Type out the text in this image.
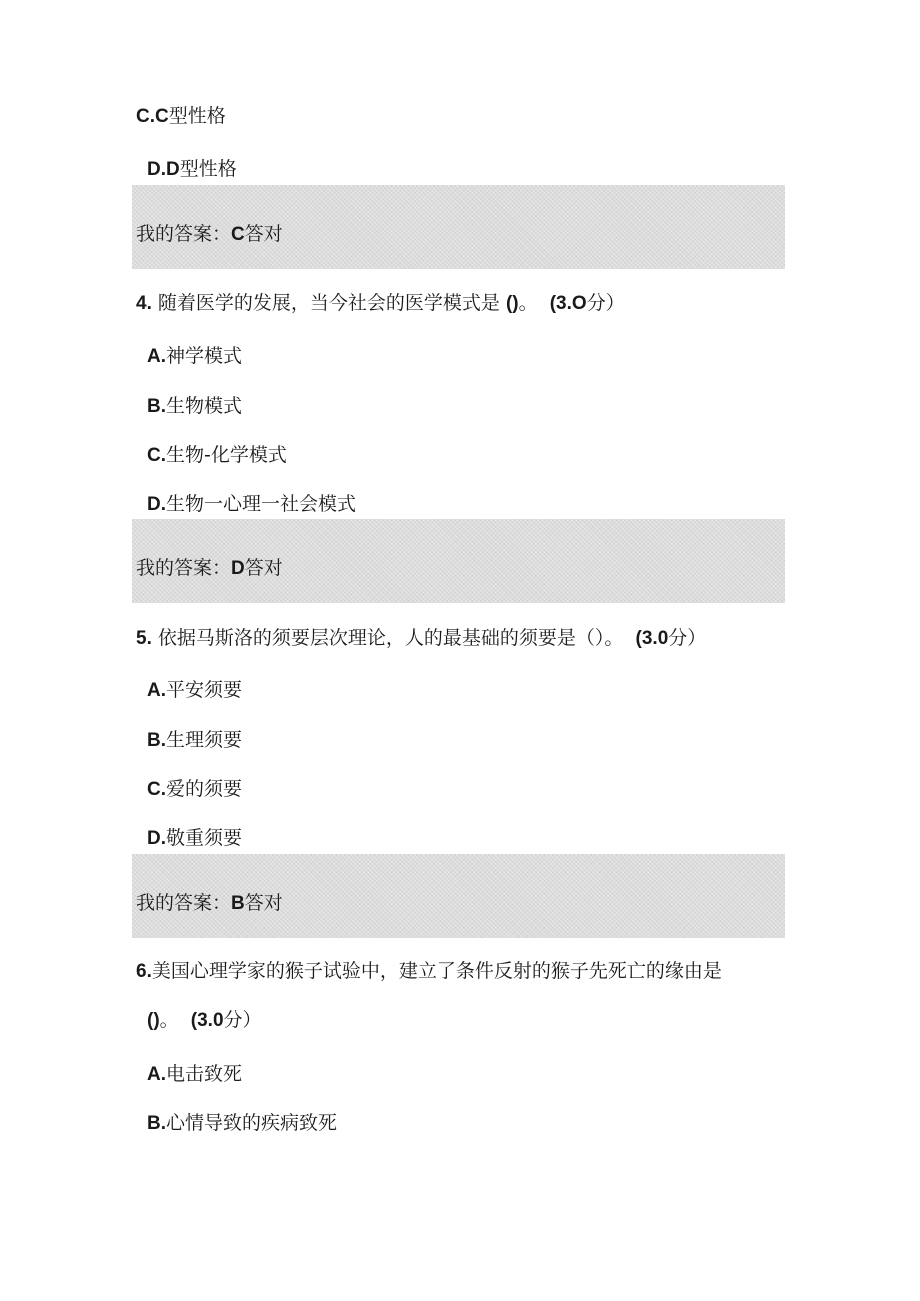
C.C型性格
D.D型性格
我的答案：C答对
4. 随着医学的发展，当今社会的医学模式是 ()。 (3.O分）
A.神学模式
B.生物模式
C.生物-化学模式
D.生物一心理一社会模式
我的答案：D答对
5. 依据马斯洛的须要层次理论，人的最基础的须要是（）。 (3.0分）
A.平安须要
B.生理须要
C.爱的须要
D.敬重须要
我的答案：B答对
6.美国心理学家的猴子试验中，建立了条件反射的猴子先死亡的缘由是
()。 (3.0分）
A.电击致死
B.心情导致的疾病致死
